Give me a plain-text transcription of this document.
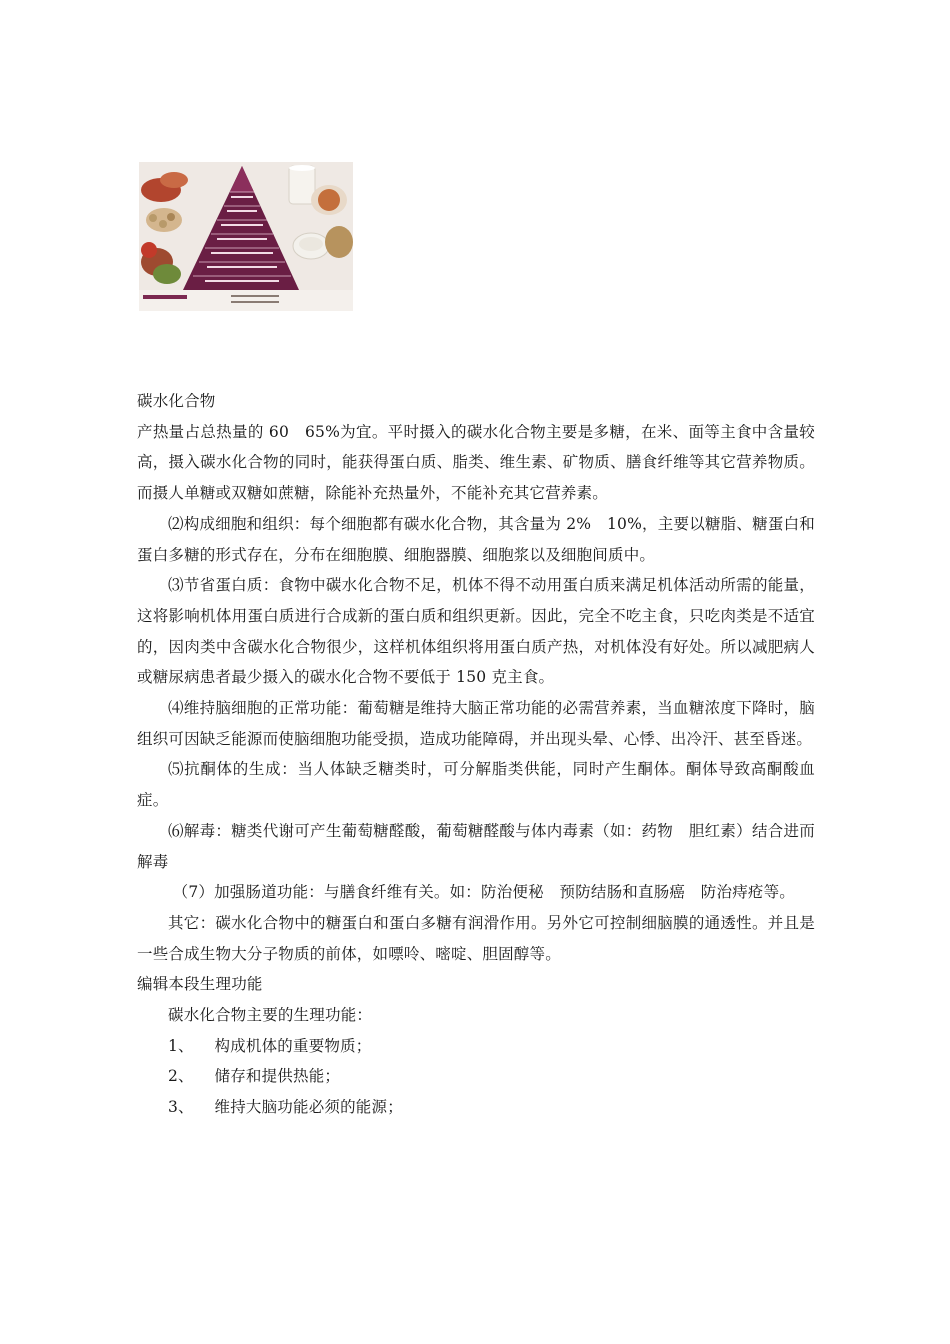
碳水化合物

产热量占总热量的 60　65%为宜。平时摄入的碳水化合物主要是多糖，在米、面等主食中含量较高，摄入碳水化合物的同时，能获得蛋白质、脂类、维生素、矿物质、膳食纤维等其它营养物质。而摄人单糖或双糖如蔗糖，除能补充热量外，不能补充其它营养素。

⑵构成细胞和组织：每个细胞都有碳水化合物，其含量为 2%　10%，主要以糖脂、糖蛋白和蛋白多糖的形式存在，分布在细胞膜、细胞器膜、细胞浆以及细胞间质中。

⑶节省蛋白质：食物中碳水化合物不足，机体不得不动用蛋白质来满足机体活动所需的能量，这将影响机体用蛋白质进行合成新的蛋白质和组织更新。因此，完全不吃主食，只吃肉类是不适宜的，因肉类中含碳水化合物很少，这样机体组织将用蛋白质产热，对机体没有好处。所以减肥病人或糖尿病患者最少摄入的碳水化合物不要低于 150 克主食。

⑷维持脑细胞的正常功能：葡萄糖是维持大脑正常功能的必需营养素，当血糖浓度下降时，脑组织可因缺乏能源而使脑细胞功能受损，造成功能障碍，并出现头晕、心悸、出冷汗、甚至昏迷。

⑸抗酮体的生成：当人体缺乏糖类时，可分解脂类供能，同时产生酮体。酮体导致高酮酸血症。

⑹解毒：糖类代谢可产生葡萄糖醛酸，葡萄糖醛酸与体内毒素（如：药物　胆红素）结合进而解毒

（7）加强肠道功能：与膳食纤维有关。如：防治便秘　预防结肠和直肠癌　防治痔疮等。

其它：碳水化合物中的糖蛋白和蛋白多糖有润滑作用。另外它可控制细脑膜的通透性。并且是一些合成生物大分子物质的前体，如嘌呤、嘧啶、胆固醇等。

编辑本段生理功能

碳水化合物主要的生理功能：

1、 构成机体的重要物质；

2、 储存和提供热能；

3、 维持大脑功能必须的能源；
